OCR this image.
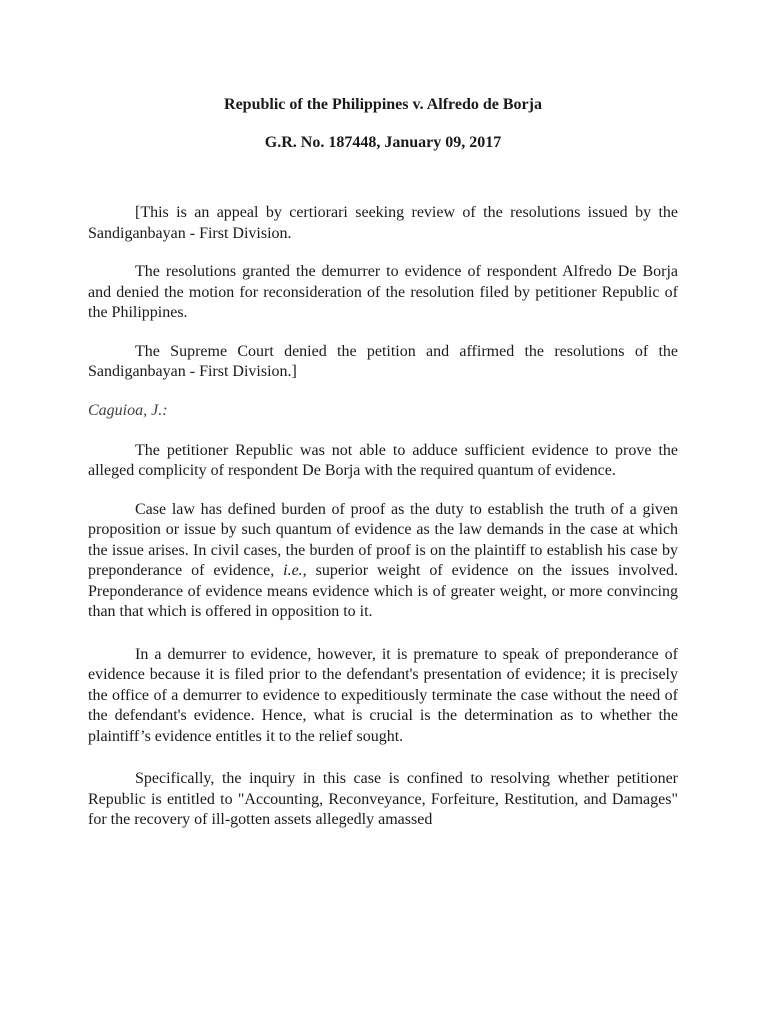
Republic of the Philippines v. Alfredo de Borja
G.R. No. 187448, January 09, 2017

[This is an appeal by certiorari seeking review of the resolutions issued by the Sandiganbayan - First Division.

The resolutions granted the demurrer to evidence of respondent Alfredo De Borja and denied the motion for reconsideration of the resolution filed by petitioner Republic of the Philippines.

The Supreme Court denied the petition and affirmed the resolutions of the Sandiganbayan - First Division.]

Caguioa, J.:

The petitioner Republic was not able to adduce sufficient evidence to prove the alleged complicity of respondent De Borja with the required quantum of evidence.

Case law has defined burden of proof as the duty to establish the truth of a given proposition or issue by such quantum of evidence as the law demands in the case at which the issue arises. In civil cases, the burden of proof is on the plaintiff to establish his case by preponderance of evidence, i.e., superior weight of evidence on the issues involved. Preponderance of evidence means evidence which is of greater weight, or more convincing than that which is offered in opposition to it.

In a demurrer to evidence, however, it is premature to speak of preponderance of evidence because it is filed prior to the defendant's presentation of evidence; it is precisely the office of a demurrer to evidence to expeditiously terminate the case without the need of the defendant's evidence. Hence, what is crucial is the determination as to whether the plaintiff’s evidence entitles it to the relief sought.

Specifically, the inquiry in this case is confined to resolving whether petitioner Republic is entitled to "Accounting, Reconveyance, Forfeiture, Restitution, and Damages" for the recovery of ill-gotten assets allegedly amassed
